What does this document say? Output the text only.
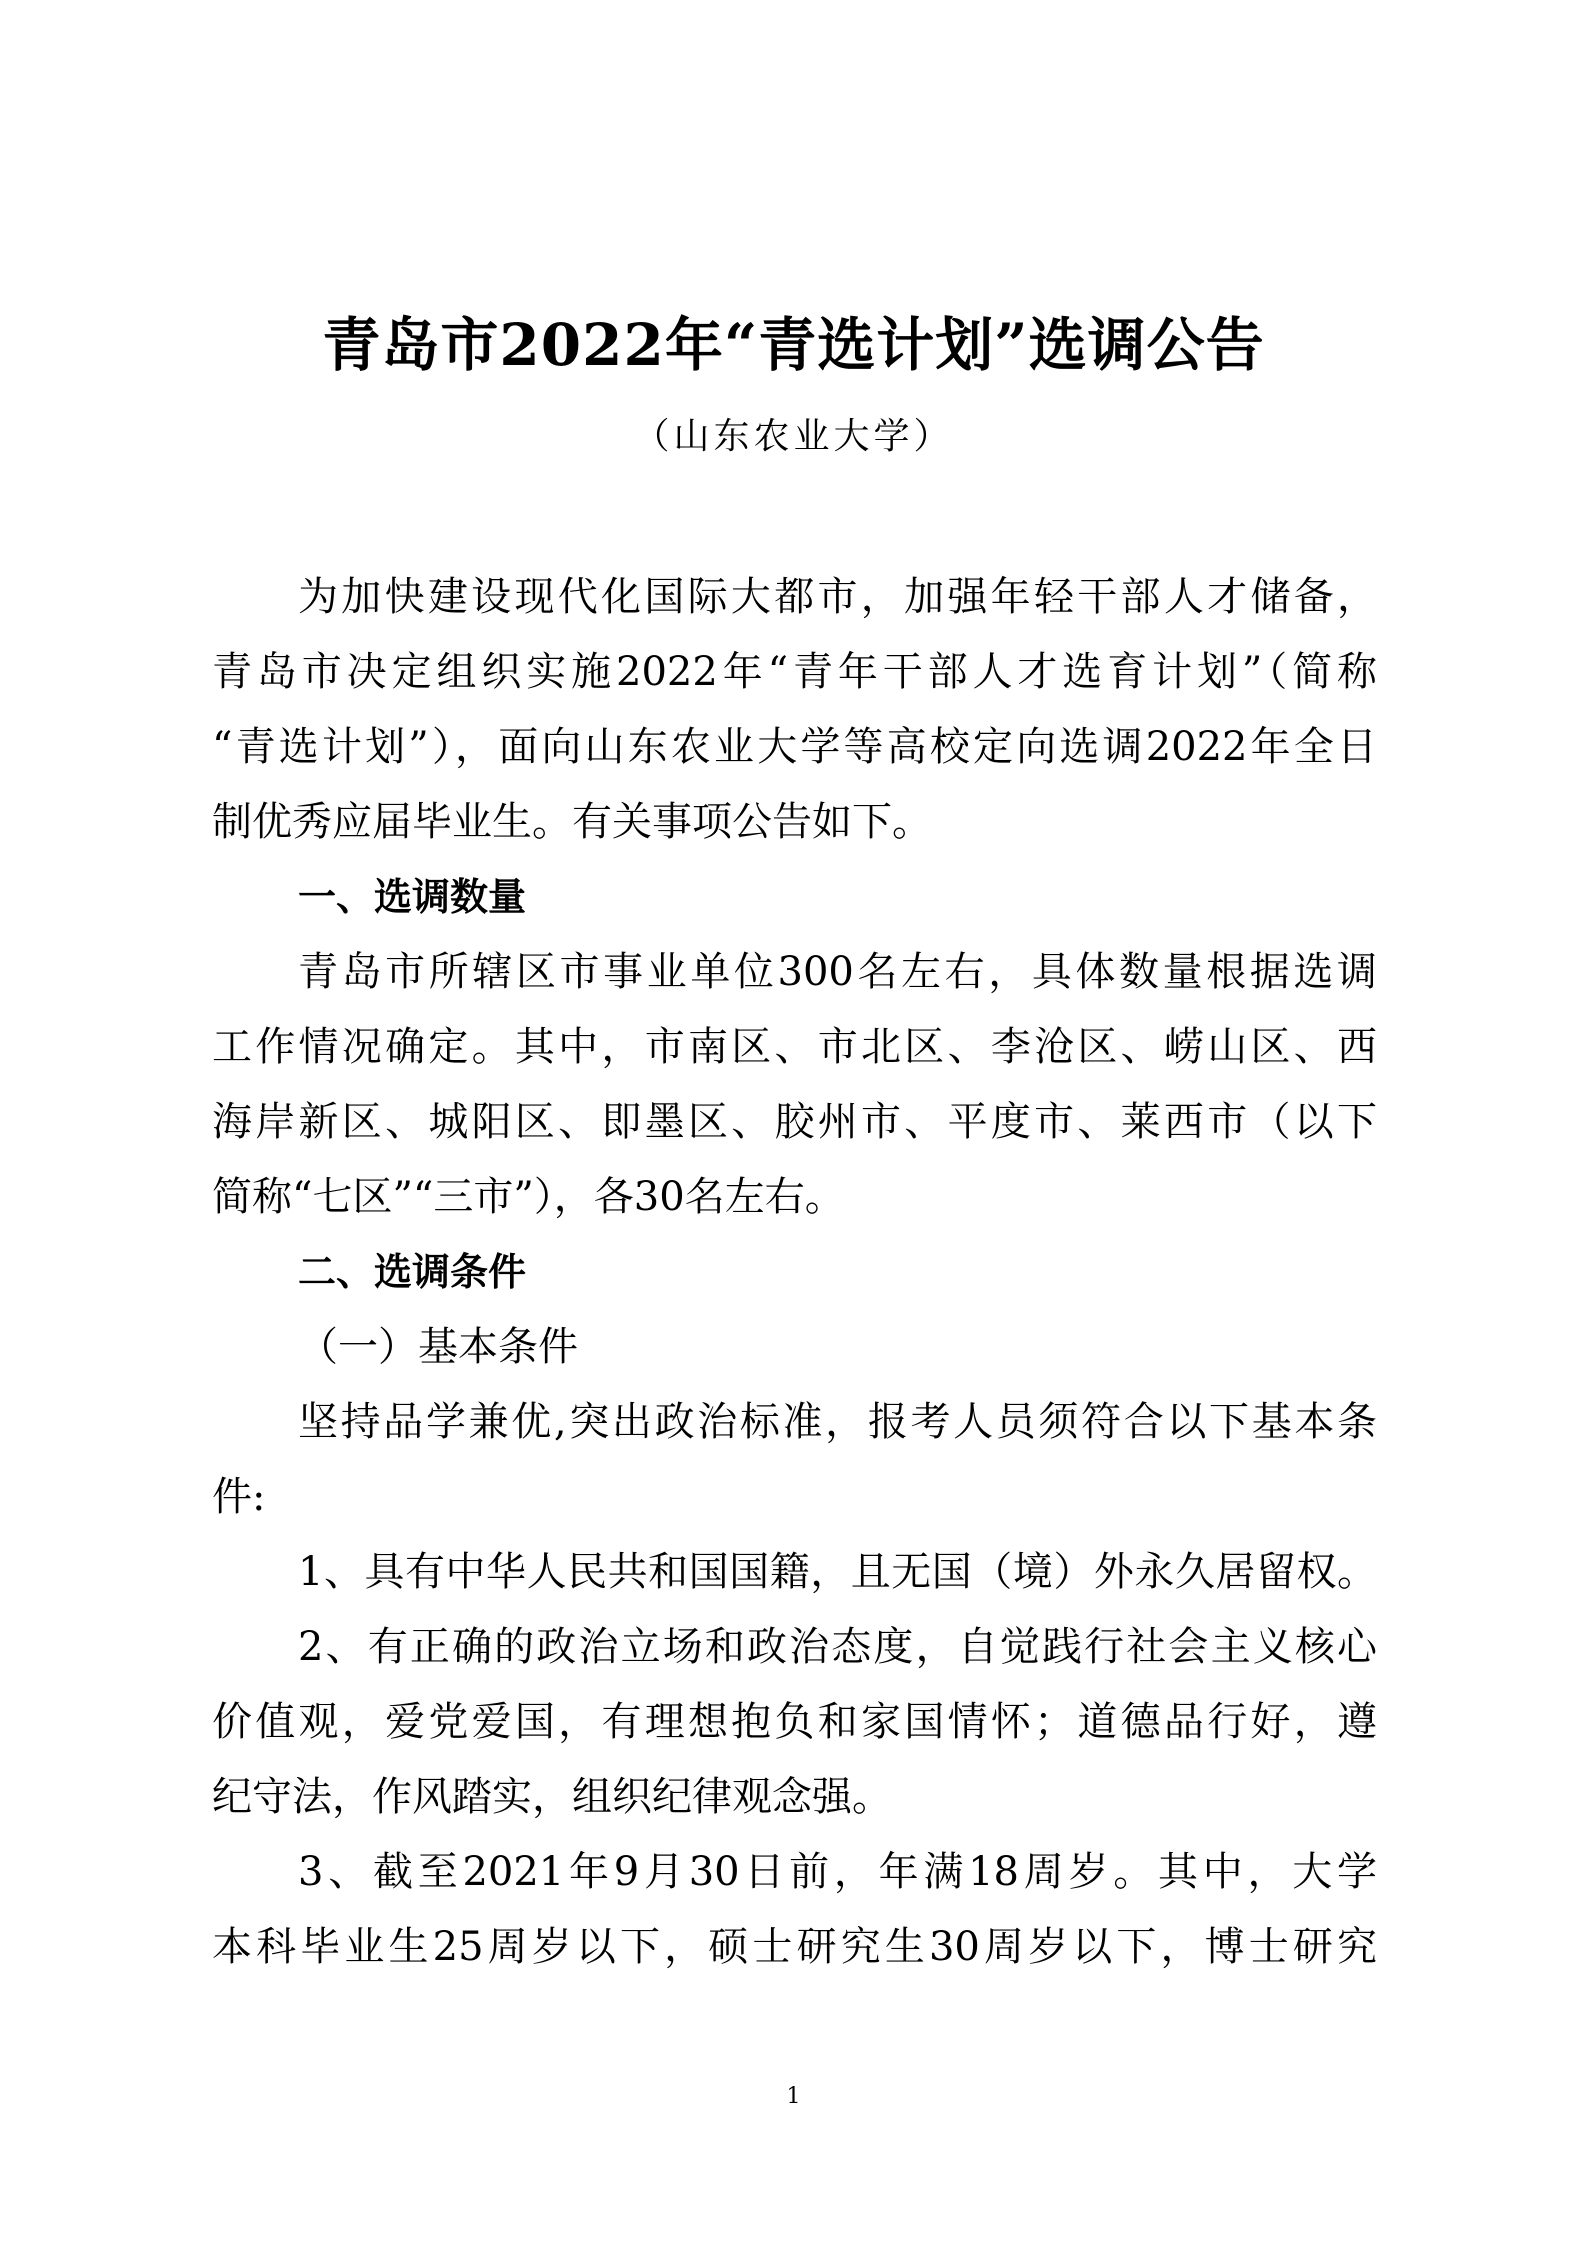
青岛市2022年“青选计划”选调公告
（山东农业大学）
为加快建设现代化国际大都市，加强年轻干部人才储备，
青岛市决定组织实施2022年“青年干部人才选育计划”（简称
“青选计划”），面向山东农业大学等高校定向选调2022年全日
制优秀应届毕业生。有关事项公告如下。
一、选调数量
青岛市所辖区市事业单位300名左右，具体数量根据选调
工作情况确定。其中，市南区、市北区、李沧区、崂山区、西
海岸新区、城阳区、即墨区、胶州市、平度市、莱西市（以下
简称“七区”“三市”），各30名左右。
二、选调条件
（一）基本条件
坚持品学兼优,突出政治标准，报考人员须符合以下基本条
件:
1、具有中华人民共和国国籍，且无国（境）外永久居留权。
2、有正确的政治立场和政治态度，自觉践行社会主义核心
价值观，爱党爱国，有理想抱负和家国情怀；道德品行好，遵
纪守法，作风踏实，组织纪律观念强。
3、截至2021年9月30日前，年满18周岁。其中，大学
本科毕业生25周岁以下，硕士研究生30周岁以下，博士研究
1
